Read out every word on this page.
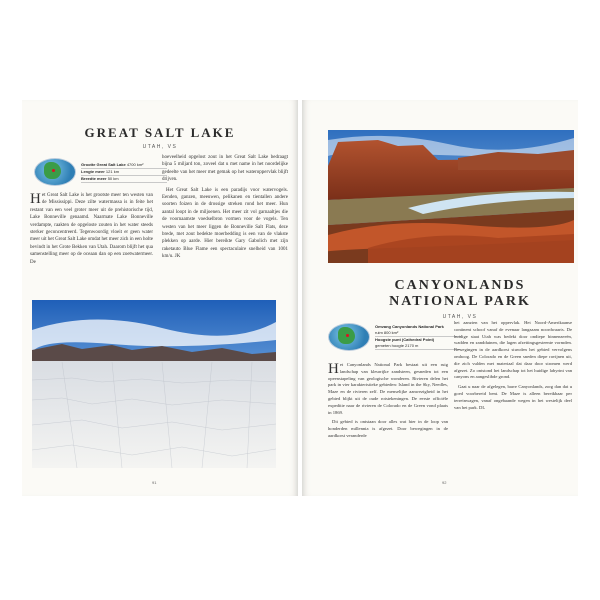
GREAT SALT LAKE
UTAH, VS
Grootte Great Salt Lake 4700 km²
Lengte meer 121 km
Breedte meer 50 km

Het Great Salt Lake is het grootste meer ten westen van de Mississippi. Deze zilte watermassa is in feite het restant van een veel groter meer uit de prehistorische tijd, Lake Bonneville genaamd. Naarmate Lake Bonneville verdampte, raakten de opgeloste zouten in het water steeds sterker geconcentreerd. Tegenwoordig vloeit er geen water meer uit het Great Salt Lake omdat het meer zich in een holte bevindt in het Grote Bekken van Utah. Daarom blijft het qua samenstelling meer op de oceaan dan op een zoetwatermeer. De

hoeveelheid opgelost zout in het Great Salt Lake bedraagt bijna 5 miljard ton, zoveel dat u met name in het noordelijke gedeelte van het meer met gemak op het wateroppervlak blijft drijven.

Het Great Salt Lake is een paradijs voor watervogels. Eenden, ganzen, meeuwen, pelikanen en tientallen andere soorten foizen in de drossige streken rond het meer. Hun aantal loopt in de miljoenen. Het meer zit vol garnaaltjes die de voornaamste voedselbron vormen voor de vogels. Ten westen van het meer liggen de Bonneville Salt Flats, deze brede, met zout bedekte moerbedding is een van de vlakste plekken op aarde. Hier bereikte Gary Gabolich met zijn raketauto Blue Flame een spectaculaire snelheid van 1001 km/u. JK

91
CANYONLANDS
NATIONAL PARK
UTAH, VS
Omvang Canyonlands National Park
ruim 800 km²
Hoogste punt (Cathedral Point)
gemeten hoogte 2170 m

Het Canyonlands National Park bestaat uit een ruig landschap van kleurrijke zandsteen, gesneden tot een opeenstapeling van geologische wonderen. Rivieren delen het park in vier karakteristieke gebieden: Island in the Sky, Needles, Maze en de rivieren zelf. De menselijke aanwezigheid in het gebied blijkt uit de oude rotstekeningen. De eerste officiële expeditie naar de rivieren de Colorado en de Green vond plaats in 1869.

Dit gebied is ontstaan door alles wat hier in de loop van honderden millennia is afgezet. Door bewegingen in de aardkorst veranderde

het aanzien van het oppervlak. Het Noord-Amerikaanse continent schoof vanaf de evenaar langzaam noordwaarts. De huidige staat Utah was bedekt door ondiepe binnenzeeën, wadden en zandduinen, die lagen afzettingsgesteente vormden. Bewegingen in de aardkorst stuwden het gebied vervolgens omhoog. De Colorado en de Green sneden diepe ravijnen uit, die zich vulden met materiaal dat daar door stromen werd afgezet. Zo ontstond het landschap tot het huidige labyrint van canyons en aangeslibde grond.

Gaat u naar de afgelegen, barre Canyonlands, zorg dan dat u goed voorbereid bent. De Maze is alleen bereikbaar per terreinwagen, vanaf ongebaande wegen in het westelijk deel van het park. DL

92
